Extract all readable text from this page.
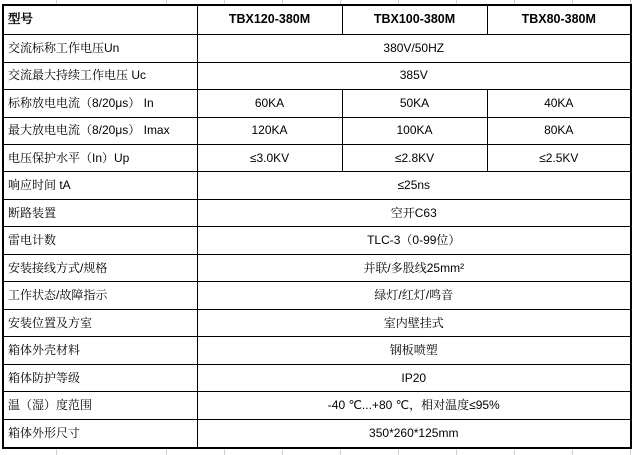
型号	TBX120-380M	TBX100-380M	TBX80-380M
交流标称工作电压Un	380V/50HZ		
交流最大持续工作电压 Uc	385V		
标称放电电流（8/20μs） In	60KA	50KA	40KA
最大放电电流（8/20μs） Imax	120KA	100KA	80KA
电压保护水平（In）Up	≤3.0KV	≤2.8KV	≤2.5KV
响应时间 tA	≤25ns		
断路装置	空开C63		
雷电计数	TLC-3（0-99位）		
安装接线方式/规格	并联/多股线25mm²		
工作状态/故障指示	绿灯/红灯/鸣音		
安装位置及方室	室内壁挂式		
箱体外壳材料	钢板喷塑		
箱体防护等级	IP20		
温（湿）度范围	-40 ℃...+80 ℃，相对温度≤95%		
箱体外形尺寸	350*260*125mm		
